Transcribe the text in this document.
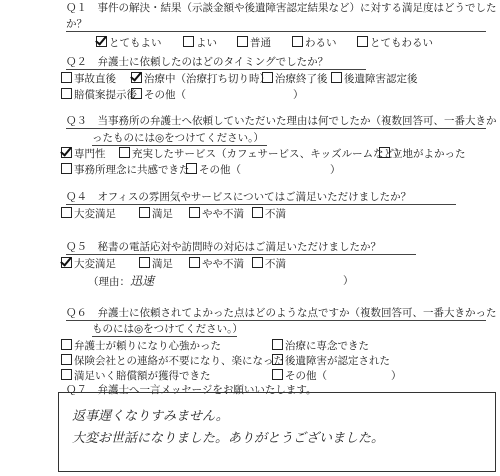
Ｑ１　事件の解決・結果（示談金額や後遺障害認定結果など）に対する満足度はどうでした
か？
とてもよい	よい	普通	わるい	とてもわるい
Ｑ２　弁護士に依頼したのはどのタイミングでしたか？
事故直後	治療中（治療打ち切り時） 治療終了後	後遺障害認定後
賠償案提示後 その他（	）
Ｑ３　当事務所の弁護士へ依頼していただいた理由は何でしたか（複数回答可、一番大きか
ったものには◎をつけてください。）
専門性	充実したサービス（カフェサービス、キッズルームなど）
立地がよかった
事務所理念に共感できた その他（	）
Ｑ４　オフィスの雰囲気やサービスについてはご満足いただけましたか？
大変満足	満足	やや不満	不満
Ｑ５　秘書の電話応対や訪問時の対応はご満足いただけましたか？
大変満足	満足	やや不満	不満
（理由：迅速	）
Ｑ６　弁護士に依頼されてよかった点はどのような点ですか（複数回答可、一番大きかった
ものには◎をつけてください。）
弁護士が頼りになり心強かった	治療に専念できた
保険会社との連絡が不要になり、楽になった 後遺障害が認定された
満足いく賠償額が獲得できた	その他（	）
Ｑ７　弁護士へ一言メッセージをお願いいたします。
返事遅くなりすみません。
大変お世話になりました。ありがとうございました。
